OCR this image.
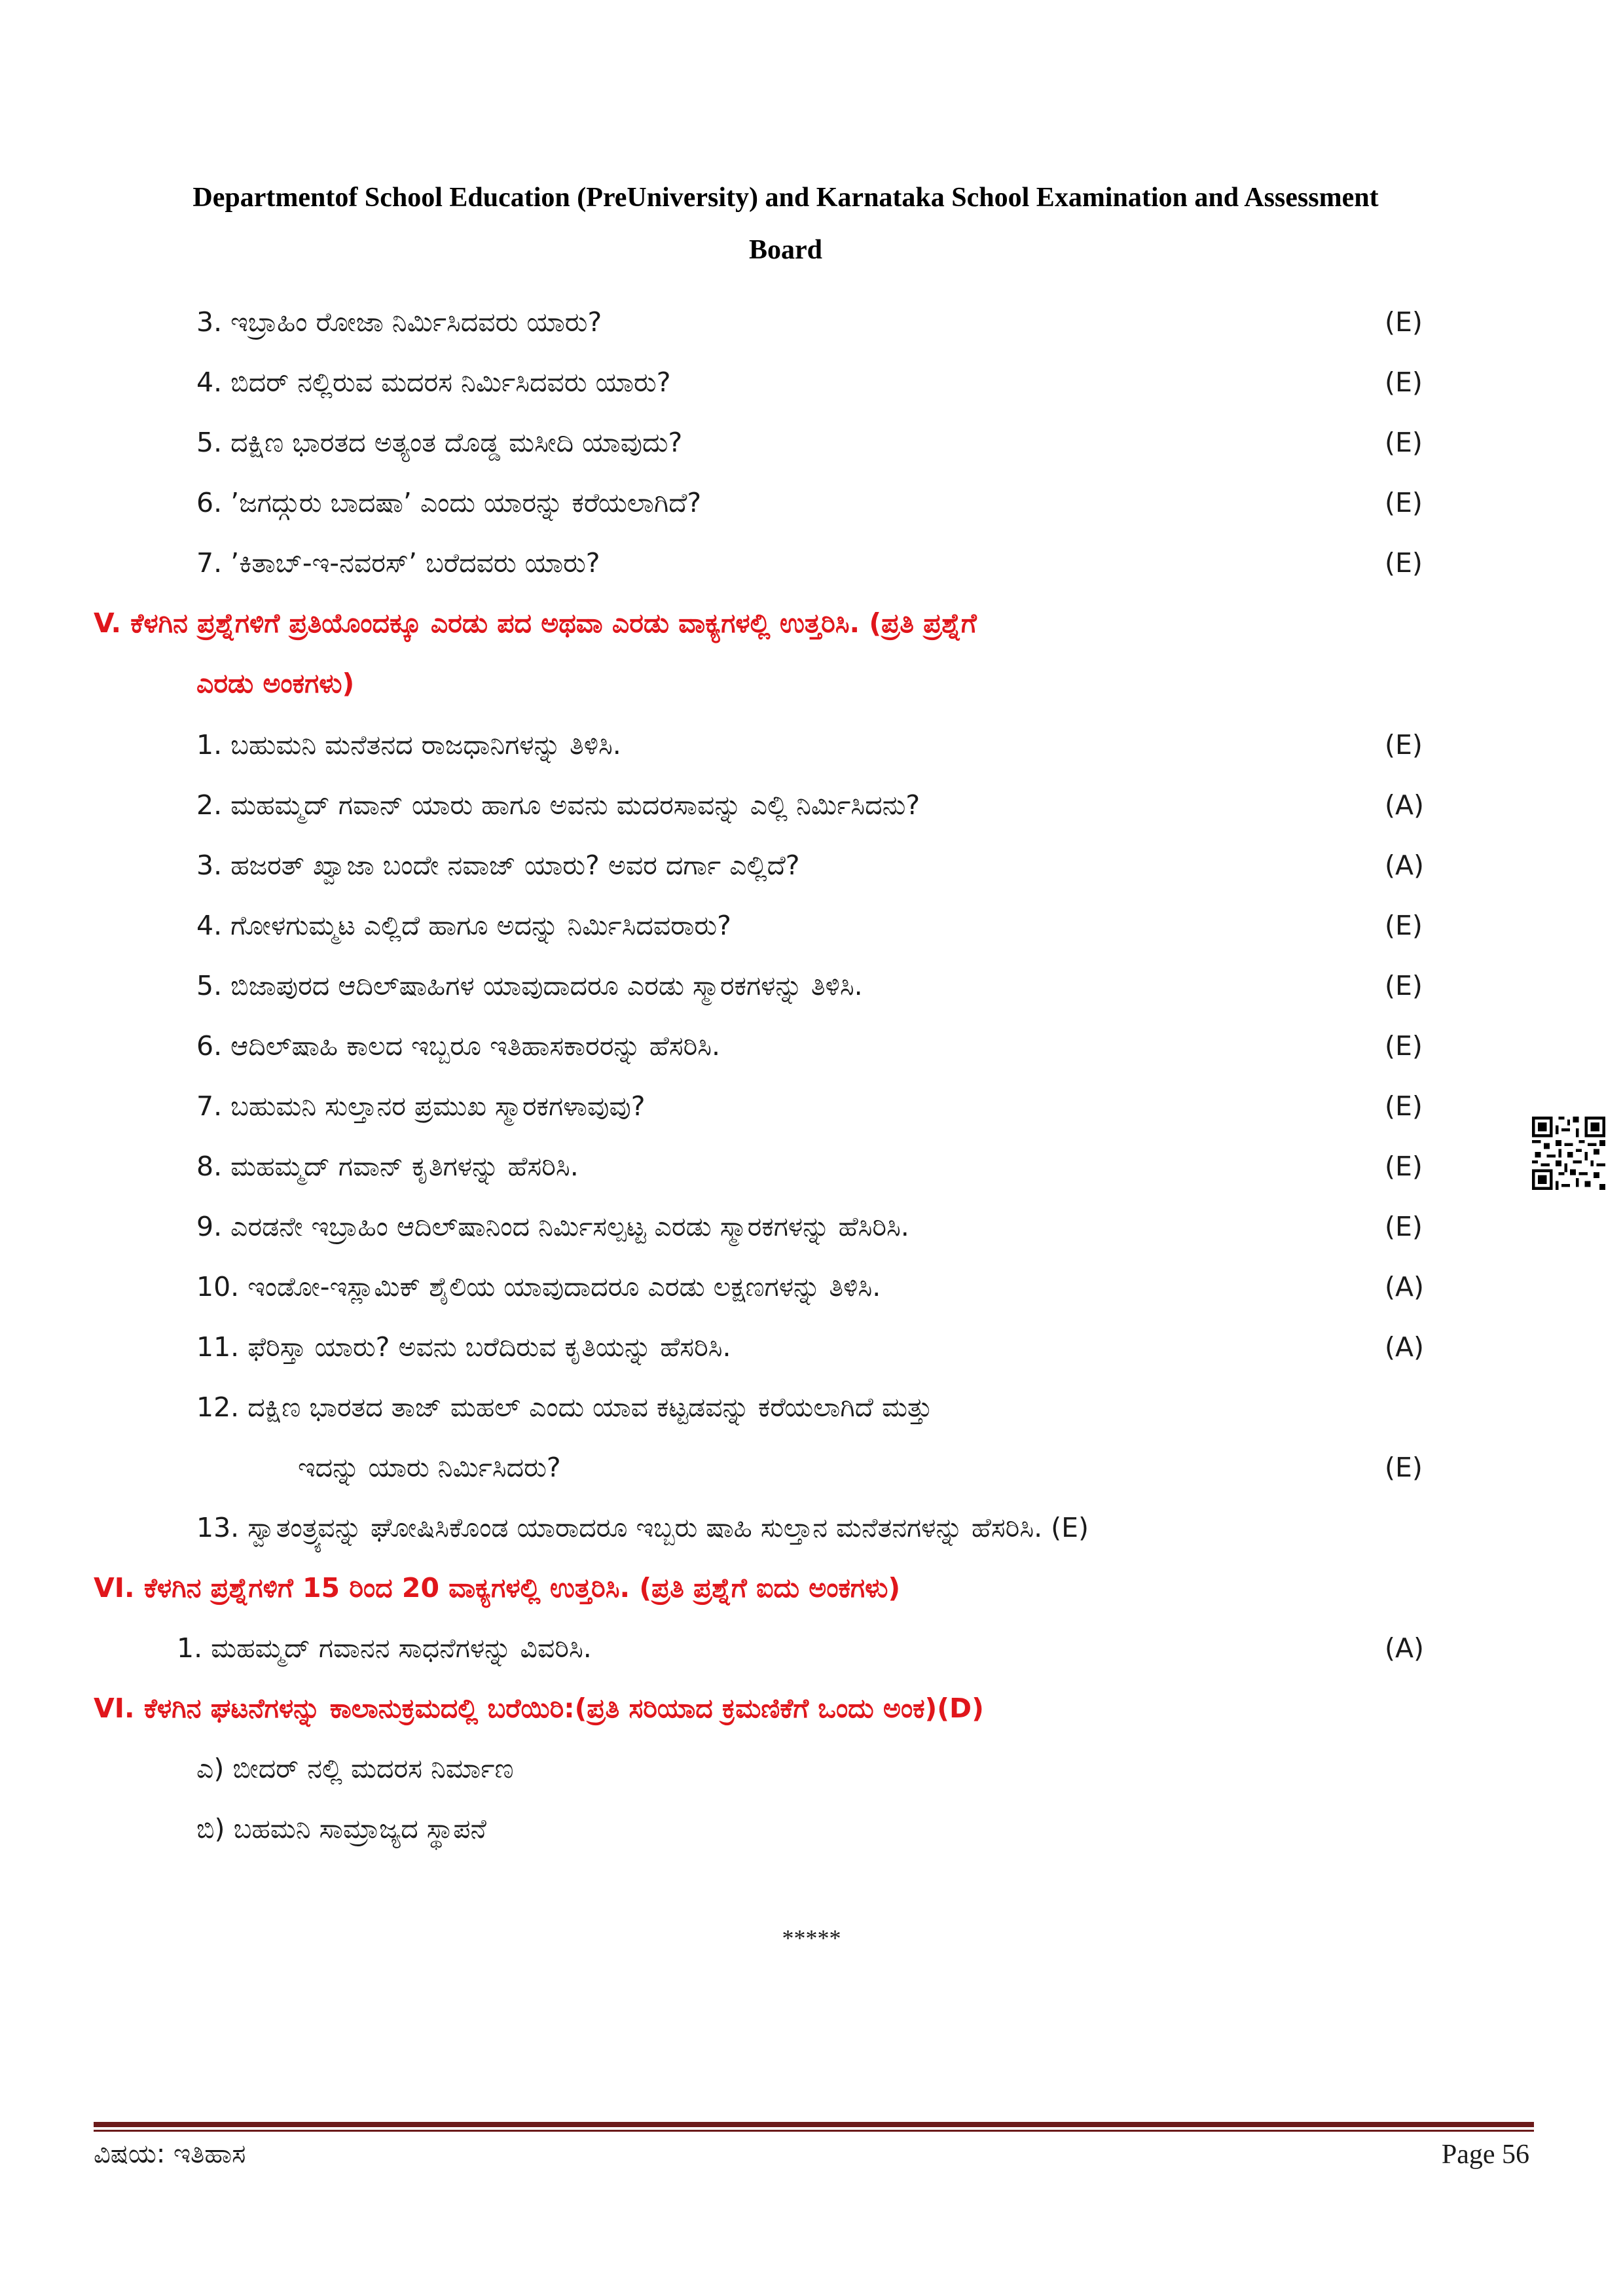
Departmentof School Education (PreUniversity) and Karnataka School Examination and Assessment
Board
3. ಇಬ್ರಾಹಿಂ ರೋಜಾ ನಿರ್ಮಿಸಿದವರು ಯಾರು?	(E)
4. ಬಿದರ್ ನಲ್ಲಿರುವ ಮದರಸ ನಿರ್ಮಿಸಿದವರು ಯಾರು?	(E)
5. ದಕ್ಷಿಣ ಭಾರತದ ಅತ್ಯಂತ ದೊಡ್ಡ ಮಸೀದಿ ಯಾವುದು?	(E)
6. ’ಜಗದ್ಗುರು ಬಾದಷಾ’ ಎಂದು ಯಾರನ್ನು ಕರೆಯಲಾಗಿದೆ?	(E)
7. ’ಕಿತಾಬ್-ಇ-ನವರಸ್’ ಬರೆದವರು ಯಾರು?	(E)
V. ಕೆಳಗಿನ ಪ್ರಶ್ನೆಗಳಿಗೆ ಪ್ರತಿಯೊಂದಕ್ಕೂ ಎರಡು ಪದ ಅಥವಾ ಎರಡು ವಾಕ್ಯಗಳಲ್ಲಿ ಉತ್ತರಿಸಿ. (ಪ್ರತಿ ಪ್ರಶ್ನೆಗೆ
ಎರಡು ಅಂಕಗಳು)
1. ಬಹುಮನಿ ಮನೆತನದ ರಾಜಧಾನಿಗಳನ್ನು ತಿಳಿಸಿ.	(E)
2. ಮಹಮ್ಮದ್ ಗವಾನ್ ಯಾರು ಹಾಗೂ ಅವನು ಮದರಸಾವನ್ನು ಎಲ್ಲಿ ನಿರ್ಮಿಸಿದನು?	(A)
3. ಹಜರತ್ ಖ್ವಾಜಾ ಬಂದೇ ನವಾಜ್ ಯಾರು? ಅವರ ದರ್ಗಾ ಎಲ್ಲಿದೆ?	(A)
4. ಗೋಳಗುಮ್ಮಟ ಎಲ್ಲಿದೆ ಹಾಗೂ ಅದನ್ನು ನಿರ್ಮಿಸಿದವರಾರು?	(E)
5. ಬಿಜಾಪುರದ ಆದಿಲ್‌ಷಾಹಿಗಳ ಯಾವುದಾದರೂ ಎರಡು ಸ್ಮಾರಕಗಳನ್ನು ತಿಳಿಸಿ.	(E)
6. ಆದಿಲ್‌ಷಾಹಿ ಕಾಲದ ಇಬ್ಬರೂ ಇತಿಹಾಸಕಾರರನ್ನು ಹೆಸರಿಸಿ.	(E)
7. ಬಹುಮನಿ ಸುಲ್ತಾನರ ಪ್ರಮುಖ ಸ್ಮಾರಕಗಳಾವುವು?	(E)
8. ಮಹಮ್ಮದ್ ಗವಾನ್ ಕೃತಿಗಳನ್ನು ಹೆಸರಿಸಿ.	(E)
9. ಎರಡನೇ ಇಬ್ರಾಹಿಂ ಆದಿಲ್‌ಷಾನಿಂದ ನಿರ್ಮಿಸಲ್ಪಟ್ಟ ಎರಡು ಸ್ಮಾರಕಗಳನ್ನು ಹೆಸಿರಿಸಿ.	(E)
10. ಇಂಡೋ-ಇಸ್ಲಾಮಿಕ್ ಶೈಲಿಯ ಯಾವುದಾದರೂ ಎರಡು ಲಕ್ಷಣಗಳನ್ನು ತಿಳಿಸಿ.	(A)
11. ಫೆರಿಸ್ತಾ ಯಾರು? ಅವನು ಬರೆದಿರುವ ಕೃತಿಯನ್ನು ಹೆಸರಿಸಿ.	(A)
12. ದಕ್ಷಿಣ ಭಾರತದ ತಾಜ್ ಮಹಲ್ ಎಂದು ಯಾವ ಕಟ್ಟಡವನ್ನು ಕರೆಯಲಾಗಿದೆ ಮತ್ತು
ಇದನ್ನು ಯಾರು ನಿರ್ಮಿಸಿದರು?	(E)
13. ಸ್ವಾತಂತ್ರ್ಯವನ್ನು ಘೋಷಿಸಿಕೊಂಡ ಯಾರಾದರೂ ಇಬ್ಬರು ಷಾಹಿ ಸುಲ್ತಾನ ಮನೆತನಗಳನ್ನು ಹೆಸರಿಸಿ. (E)
VI. ಕೆಳಗಿನ ಪ್ರಶ್ನೆಗಳಿಗೆ 15 ರಿಂದ 20 ವಾಕ್ಯಗಳಲ್ಲಿ ಉತ್ತರಿಸಿ. (ಪ್ರತಿ ಪ್ರಶ್ನೆಗೆ ಐದು ಅಂಕಗಳು)
1. ಮಹಮ್ಮದ್ ಗವಾನನ ಸಾಧನೆಗಳನ್ನು ವಿವರಿಸಿ.	(A)
VI. ಕೆಳಗಿನ ಘಟನೆಗಳನ್ನು ಕಾಲಾನುಕ್ರಮದಲ್ಲಿ ಬರೆಯಿರಿ:(ಪ್ರತಿ ಸರಿಯಾದ ಕ್ರಮಣಿಕೆಗೆ ಒಂದು ಅಂಕ)(D)
ಎ) ಬೀದರ್ ನಲ್ಲಿ ಮದರಸ ನಿರ್ಮಾಣ
ಬಿ) ಬಹಮನಿ ಸಾಮ್ರಾಜ್ಯದ ಸ್ಥಾಪನೆ
*****
ವಿಷಯ: ಇತಿಹಾಸ	Page 56
